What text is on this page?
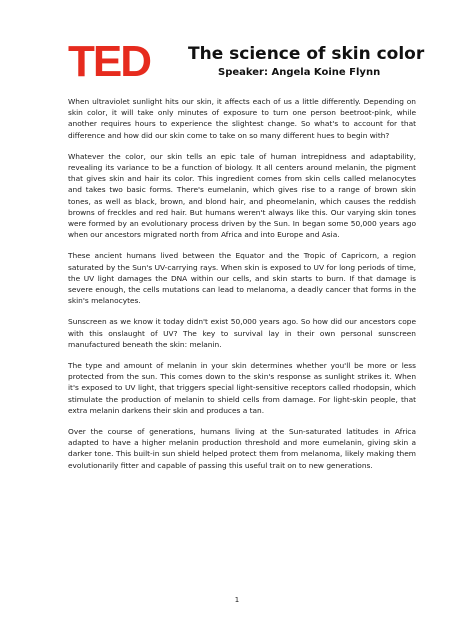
TED The science of skin color
Speaker: Angela Koine Flynn

When ultraviolet sunlight hits our skin, it affects each of us a little differently. Depending on skin color, it will take only minutes of exposure to turn one person beetroot-pink, while another requires hours to experience the slightest change. So what's to account for that difference and how did our skin come to take on so many different hues to begin with?

Whatever the color, our skin tells an epic tale of human intrepidness and adaptability, revealing its variance to be a function of biology. It all centers around melanin, the pigment that gives skin and hair its color. This ingredient comes from skin cells called melanocytes and takes two basic forms. There's eumelanin, which gives rise to a range of brown skin tones, as well as black, brown, and blond hair, and pheomelanin, which causes the reddish browns of freckles and red hair. But humans weren't always like this. Our varying skin tones were formed by an evolutionary process driven by the Sun. In began some 50,000 years ago when our ancestors migrated north from Africa and into Europe and Asia.

These ancient humans lived between the Equator and the Tropic of Capricorn, a region saturated by the Sun's UV-carrying rays. When skin is exposed to UV for long periods of time, the UV light damages the DNA within our cells, and skin starts to burn. If that damage is severe enough, the cells mutations can lead to melanoma, a deadly cancer that forms in the skin's melanocytes.

Sunscreen as we know it today didn't exist 50,000 years ago. So how did our ancestors cope with this onslaught of UV? The key to survival lay in their own personal sunscreen manufactured beneath the skin: melanin.

The type and amount of melanin in your skin determines whether you'll be more or less protected from the sun. This comes down to the skin's response as sunlight strikes it. When it's exposed to UV light, that triggers special light-sensitive receptors called rhodopsin, which stimulate the production of melanin to shield cells from damage. For light-skin people, that extra melanin darkens their skin and produces a tan.

Over the course of generations, humans living at the Sun-saturated latitudes in Africa adapted to have a higher melanin production threshold and more eumelanin, giving skin a darker tone. This built-in sun shield helped protect them from melanoma, likely making them evolutionarily fitter and capable of passing this useful trait on to new generations.

1
